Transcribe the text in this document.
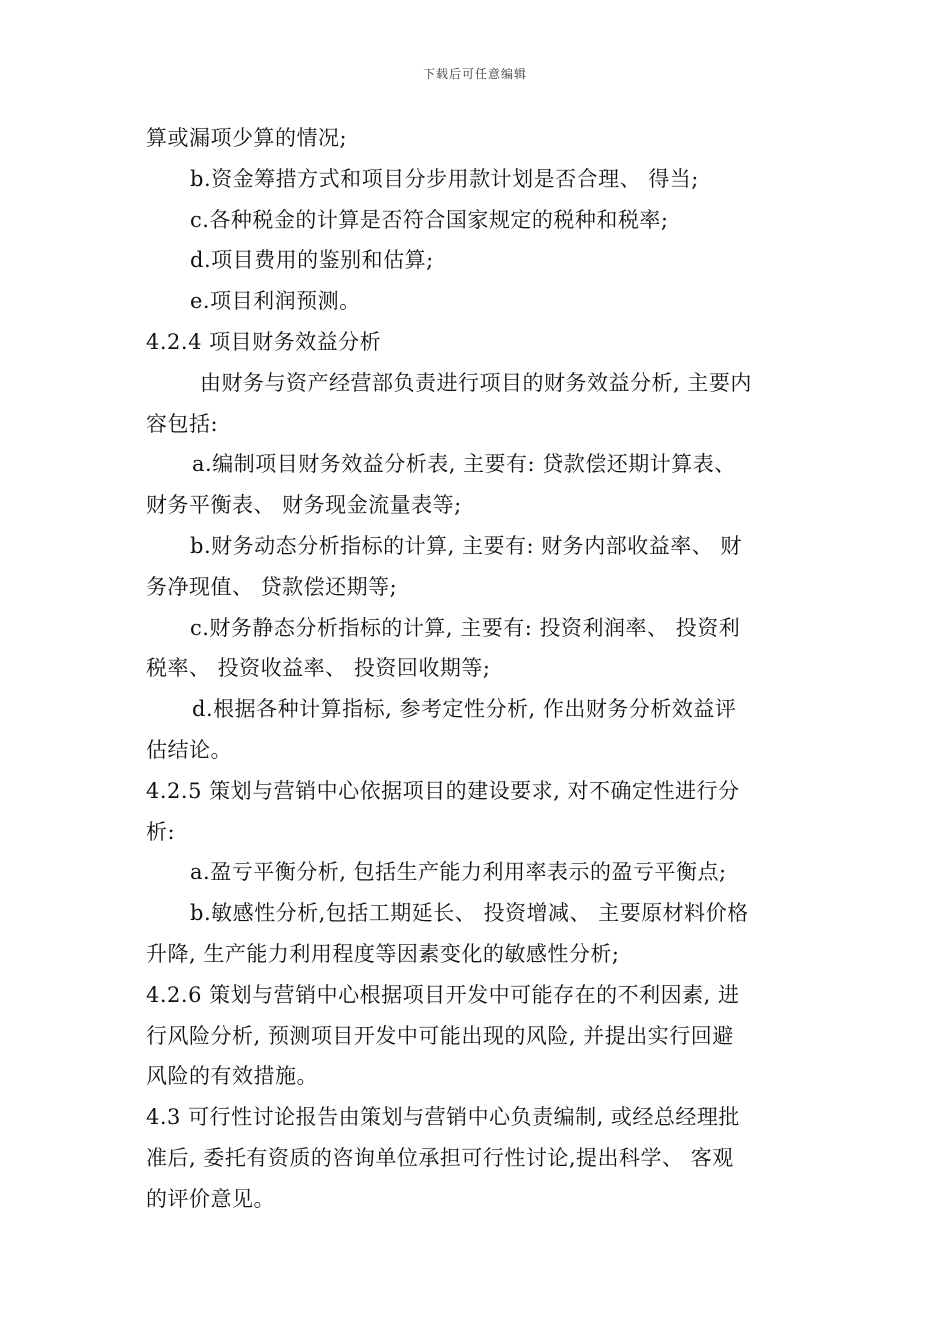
下载后可任意编辑
算或漏项少算的情况;
b.资金筹措方式和项目分步用款计划是否合理、 得当;
c.各种税金的计算是否符合国家规定的税种和税率;
d.项目费用的鉴别和估算;
e.项目利润预测。
4.2.4 项目财务效益分析
由财务与资产经营部负责进行项目的财务效益分析, 主要内
容包括:
a.编制项目财务效益分析表, 主要有: 贷款偿还期计算表、
财务平衡表、 财务现金流量表等;
b.财务动态分析指标的计算, 主要有: 财务内部收益率、 财
务净现值、 贷款偿还期等;
c.财务静态分析指标的计算, 主要有: 投资利润率、 投资利
税率、 投资收益率、 投资回收期等;
d.根据各种计算指标, 参考定性分析, 作出财务分析效益评
估结论。
4.2.5 策划与营销中心依据项目的建设要求, 对不确定性进行分
析:
a.盈亏平衡分析, 包括生产能力利用率表示的盈亏平衡点;
b.敏感性分析,包括工期延长、 投资增减、 主要原材料价格
升降, 生产能力利用程度等因素变化的敏感性分析;
4.2.6 策划与营销中心根据项目开发中可能存在的不利因素, 进
行风险分析, 预测项目开发中可能出现的风险, 并提出实行回避
风险的有效措施。
4.3 可行性讨论报告由策划与营销中心负责编制, 或经总经理批
准后, 委托有资质的咨询单位承担可行性讨论,提出科学、 客观
的评价意见。
